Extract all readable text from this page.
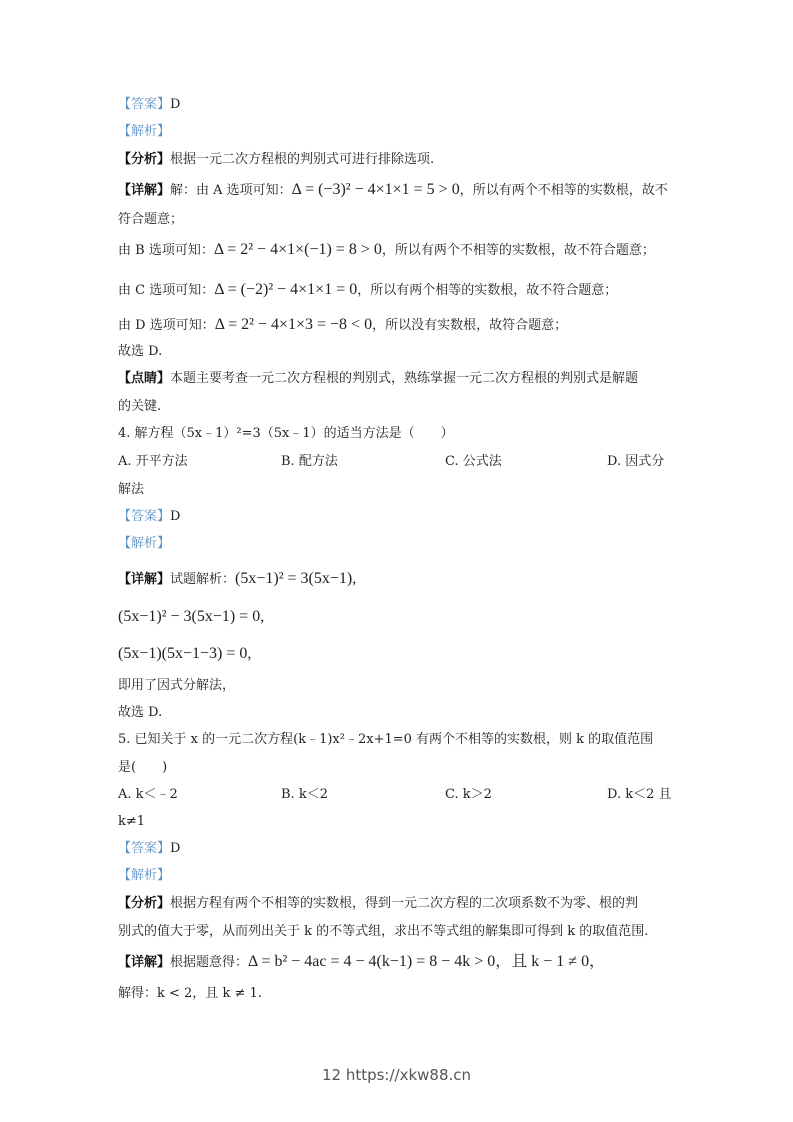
【答案】D
【解析】
【分析】根据一元二次方程根的判别式可进行排除选项.
【详解】解：由 A 选项可知：Δ = (−3)² − 4×1×1 = 5 > 0，所以有两个不相等的实数根，故不
符合题意；
由 B 选项可知：Δ = 2² − 4×1×(−1) = 8 > 0，所以有两个不相等的实数根，故不符合题意；
由 C 选项可知：Δ = (−2)² − 4×1×1 = 0，所以有两个相等的实数根，故不符合题意；
由 D 选项可知：Δ = 2² − 4×1×3 = −8 < 0，所以没有实数根，故符合题意；
故选 D.
【点睛】本题主要考查一元二次方程根的判别式，熟练掌握一元二次方程根的判别式是解题
的关键.
4. 解方程（5x﹣1）²=3（5x﹣1）的适当方法是（　　）
A. 开平方法	B. 配方法	C. 公式法	D. 因式分
解法
【答案】D
【解析】
【详解】试题解析：(5x−1)² = 3(5x−1),
(5x−1)² − 3(5x−1) = 0,
(5x−1)(5x−1−3) = 0,
即用了因式分解法，
故选 D.
5. 已知关于 x 的一元二次方程(k﹣1)x²﹣2x+1=0 有两个不相等的实数根，则 k 的取值范围
是(　　)
A. k＜﹣2	B. k＜2	C. k＞2	D. k＜2 且
k≠1
【答案】D
【解析】
【分析】根据方程有两个不相等的实数根，得到一元二次方程的二次项系数不为零、根的判
别式的值大于零，从而列出关于 k 的不等式组，求出不等式组的解集即可得到 k 的取值范围.
【详解】根据题意得：Δ = b² − 4ac = 4 − 4(k−1) = 8 − 4k > 0，且 k − 1 ≠ 0，
解得：k < 2，且 k ≠ 1.
12 https://xkw88.cn
